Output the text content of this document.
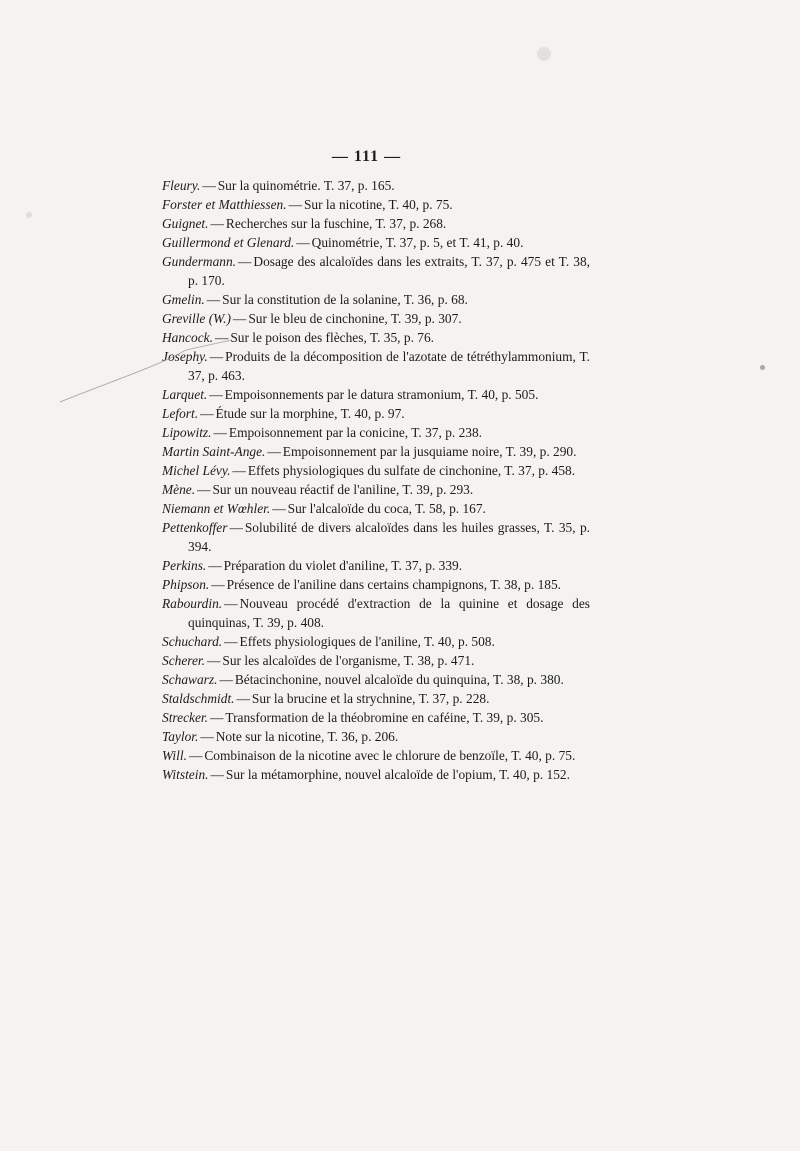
— 111 —
Fleury. — Sur la quinométrie. T. 37, p. 165.
Forster et Matthiessen. — Sur la nicotine, T. 40, p. 75.
Guignet. — Recherches sur la fuschine, T. 37, p. 268.
Guillermond et Glenard. — Quinométrie, T. 37, p. 5, et T. 41, p. 40.
Gundermann. — Dosage des alcaloïdes dans les extraits, T. 37, p. 475 et T. 38, p. 170.
Gmelin. — Sur la constitution de la solanine, T. 36, p. 68.
Greville (W.) — Sur le bleu de cinchonine, T. 39, p. 307.
Hancock. — Sur le poison des flèches, T. 35, p. 76.
Josephy. — Produits de la décomposition de l'azotate de tétréthylammonium, T. 37, p. 463.
Larquet. — Empoisonnements par le datura stramonium, T. 40, p. 505.
Lefort. — Étude sur la morphine, T. 40, p. 97.
Lipowitz. — Empoisonnement par la conicine, T. 37, p. 238.
Martin Saint-Ange. — Empoisonnement par la jusquiame noire, T. 39, p. 290.
Michel Lévy. — Effets physiologiques du sulfate de cinchonine, T. 37, p. 458.
Mène. — Sur un nouveau réactif de l'aniline, T. 39, p. 293.
Niemann et Wœhler. — Sur l'alcaloïde du coca, T. 58, p. 167.
Pettenkoffer — Solubilité de divers alcaloïdes dans les huiles grasses, T. 35, p. 394.
Perkins. — Préparation du violet d'aniline, T. 37, p. 339.
Phipson. — Présence de l'aniline dans certains champignons, T. 38, p. 185.
Rabourdin. — Nouveau procédé d'extraction de la quinine et dosage des quinquinas, T. 39, p. 408.
Schuchard. — Effets physiologiques de l'aniline, T. 40, p. 508.
Scherer. — Sur les alcaloïdes de l'organisme, T. 38, p. 471.
Schawarz. — Bétacinchonine, nouvel alcaloïde du quinquina, T. 38, p. 380.
Staldschmidt. — Sur la brucine et la strychnine, T. 37, p. 228.
Strecker. — Transformation de la théobromine en caféine, T. 39, p. 305.
Taylor. — Note sur la nicotine, T. 36, p. 206.
Will. — Combinaison de la nicotine avec le chlorure de benzoïle, T. 40, p. 75.
Witstein. — Sur la métamorphine, nouvel alcaloïde de l'opium, T. 40, p. 152.
